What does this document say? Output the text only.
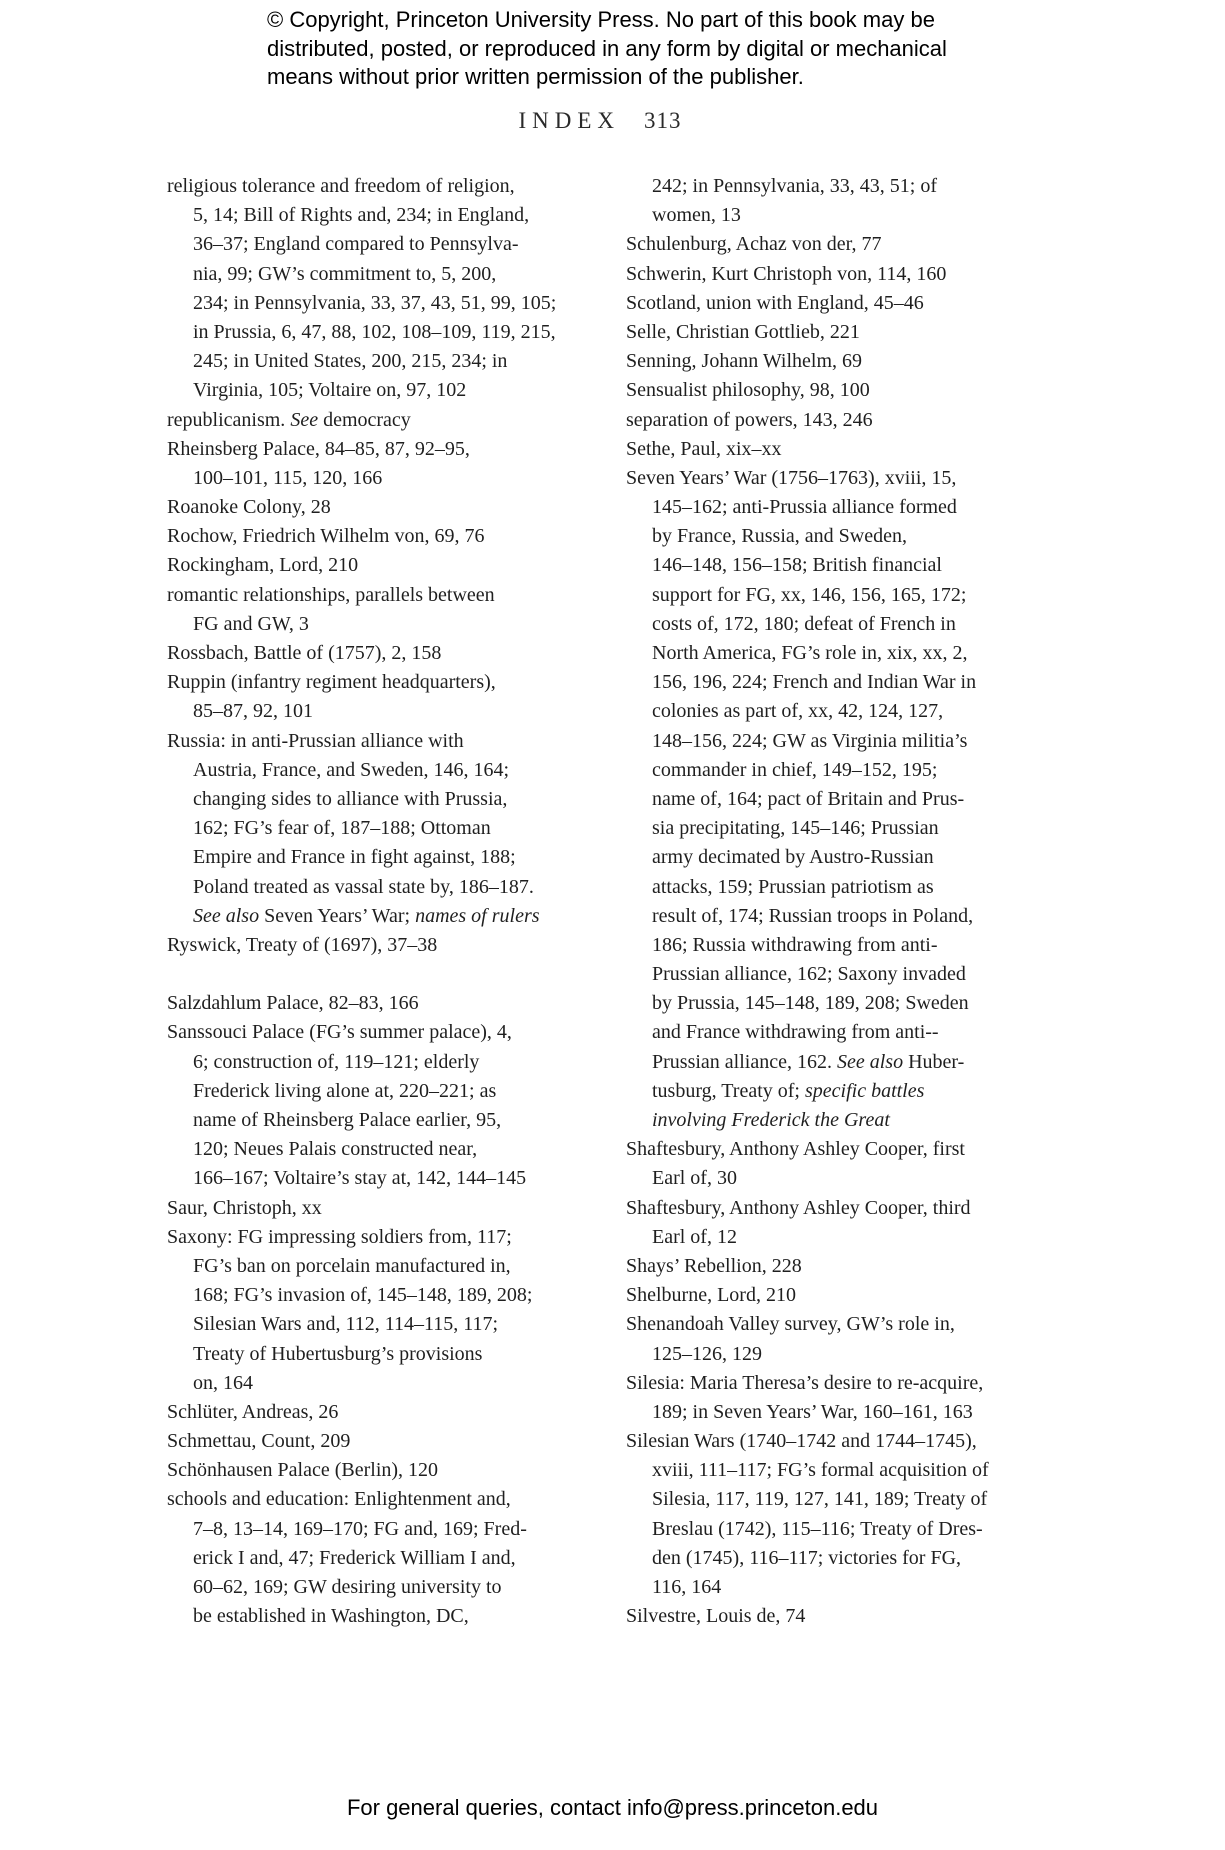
© Copyright, Princeton University Press. No part of this book may be
distributed, posted, or reproduced in any form by digital or mechanical
means without prior written permission of the publisher.
INDEX 313
religious tolerance and freedom of religion,
5, 14; Bill of Rights and, 234; in England,
36–37; England compared to Pennsylva-
nia, 99; GW’s commitment to, 5, 200,
234; in Pennsylvania, 33, 37, 43, 51, 99, 105;
in Prussia, 6, 47, 88, 102, 108–109, 119, 215,
245; in United States, 200, 215, 234; in
Virginia, 105; Voltaire on, 97, 102
republicanism. See democracy
Rheinsberg Palace, 84–85, 87, 92–95,
100–101, 115, 120, 166
Roanoke Colony, 28
Rochow, Friedrich Wilhelm von, 69, 76
Rockingham, Lord, 210
romantic relationships, parallels between
FG and GW, 3
Rossbach, Battle of (1757), 2, 158
Ruppin (infantry regiment headquarters),
85–87, 92, 101
Russia: in anti-Prussian alliance with
Austria, France, and Sweden, 146, 164;
changing sides to alliance with Prussia,
162; FG’s fear of, 187–188; Ottoman
Empire and France in fight against, 188;
Poland treated as vassal state by, 186–187.
See also Seven Years’ War; names of rulers
Ryswick, Treaty of (1697), 37–38
Salzdahlum Palace, 82–83, 166
Sanssouci Palace (FG’s summer palace), 4,
6; construction of, 119–121; elderly
Frederick living alone at, 220–221; as
name of Rheinsberg Palace earlier, 95,
120; Neues Palais constructed near,
166–167; Voltaire’s stay at, 142, 144–145
Saur, Christoph, xx
Saxony: FG impressing soldiers from, 117;
FG’s ban on porcelain manufactured in,
168; FG’s invasion of, 145–148, 189, 208;
Silesian Wars and, 112, 114–115, 117;
Treaty of Hubertusburg’s provisions
on, 164
Schlüter, Andreas, 26
Schmettau, Count, 209
Schönhausen Palace (Berlin), 120
schools and education: Enlightenment and,
7–8, 13–14, 169–170; FG and, 169; Fred-
erick I and, 47; Frederick William I and,
60–62, 169; GW desiring university to
be established in Washington, DC,
242; in Pennsylvania, 33, 43, 51; of
women, 13
Schulenburg, Achaz von der, 77
Schwerin, Kurt Christoph von, 114, 160
Scotland, union with England, 45–46
Selle, Christian Gottlieb, 221
Senning, Johann Wilhelm, 69
Sensualist philosophy, 98, 100
separation of powers, 143, 246
Sethe, Paul, xix–xx
Seven Years’ War (1756–1763), xviii, 15,
145–162; anti-Prussia alliance formed
by France, Russia, and Sweden,
146–148, 156–158; British financial
support for FG, xx, 146, 156, 165, 172;
costs of, 172, 180; defeat of French in
North America, FG’s role in, xix, xx, 2,
156, 196, 224; French and Indian War in
colonies as part of, xx, 42, 124, 127,
148–156, 224; GW as Virginia militia’s
commander in chief, 149–152, 195;
name of, 164; pact of Britain and Prus-
sia precipitating, 145–146; Prussian
army decimated by Austro-Russian
attacks, 159; Prussian patriotism as
result of, 174; Russian troops in Poland,
186; Russia withdrawing from anti-
Prussian alliance, 162; Saxony invaded
by Prussia, 145–148, 189, 208; Sweden
and France withdrawing from anti--
Prussian alliance, 162. See also Huber-
tusburg, Treaty of; specific battles
involving Frederick the Great
Shaftesbury, Anthony Ashley Cooper, first
Earl of, 30
Shaftesbury, Anthony Ashley Cooper, third
Earl of, 12
Shays’ Rebellion, 228
Shelburne, Lord, 210
Shenandoah Valley survey, GW’s role in,
125–126, 129
Silesia: Maria Theresa’s desire to re-acquire,
189; in Seven Years’ War, 160–161, 163
Silesian Wars (1740–1742 and 1744–1745),
xviii, 111–117; FG’s formal acquisition of
Silesia, 117, 119, 127, 141, 189; Treaty of
Breslau (1742), 115–116; Treaty of Dres-
den (1745), 116–117; victories for FG,
116, 164
Silvestre, Louis de, 74
For general queries, contact info@press.princeton.edu
